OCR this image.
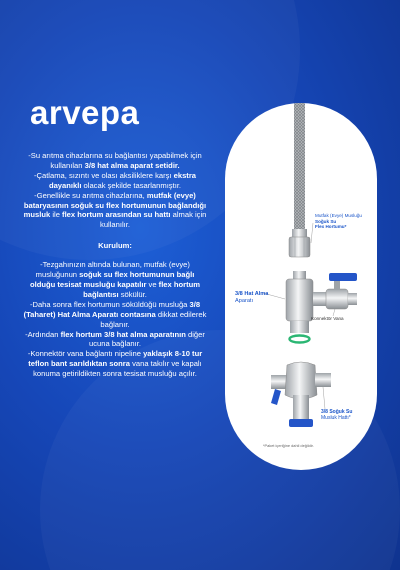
arvepa

-Su arıtma cihazlarına su bağlantısı yapabilmek için kullanılan 3/8 hat alma aparat setidir.

-Çatlama, sızıntı ve olası aksiliklere karşı ekstra dayanıklı olacak şekilde tasarlanmıştır.

-Genellikle su arıtma cihazlarına, mutfak (evye) bataryasının soğuk su flex hortumunun bağlandığı musluk ile flex hortum arasından su hattı almak için kullanılır.

Kurulum:

-Tezgahınızın altında bulunan, mutfak (evye) musluğunun soğuk su flex hortumunun bağlı olduğu tesisat musluğu kapatılır ve flex hortum bağlantısı sökülür.

-Daha sonra flex hortumun söküldüğü musluğa 3/8 (Taharet) Hat Alma Aparatı contasına dikkat edilerek bağlanır.

-Ardından flex hortum 3/8 hat alma aparatının diğer ucuna bağlanır.

-Konnektör vana bağlantı nipeline yaklaşık 8-10 tur teflon bant sarıldıktan sonra vana takılır ve kapalı konuma getirildikten sonra tesisat musluğu açılır.

Mutfak (Evye) Musluğu
Soğuk Su
Flex Hortumu*
3/8 Hat Alma
Aparatı
Konnektör Vana
3/8 Soğuk Su
Musluk Hattı*
*Paket içeriğine dahil değildir.
